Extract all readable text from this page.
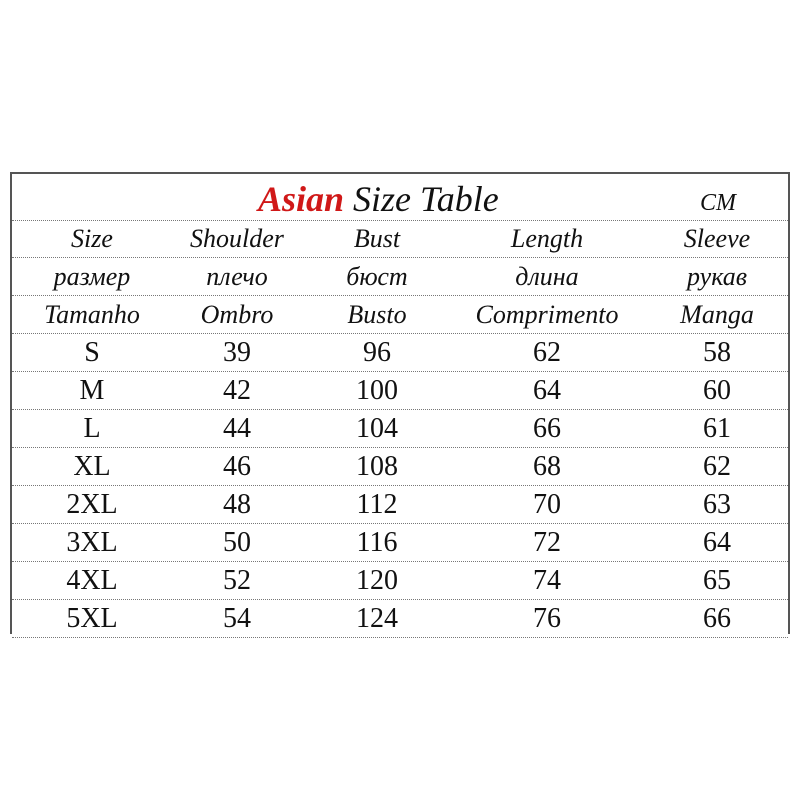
Asian Size Table	CM
Size	Shoulder	Bust	Length	Sleeve
размер	плечо	бюст	длина	рукав
Tamanho	Ombro	Busto	Comprimento	Manga
S	39	96	62	58
M	42	100	64	60
L	44	104	66	61
XL	46	108	68	62
2XL	48	112	70	63
3XL	50	116	72	64
4XL	52	120	74	65
5XL	54	124	76	66
